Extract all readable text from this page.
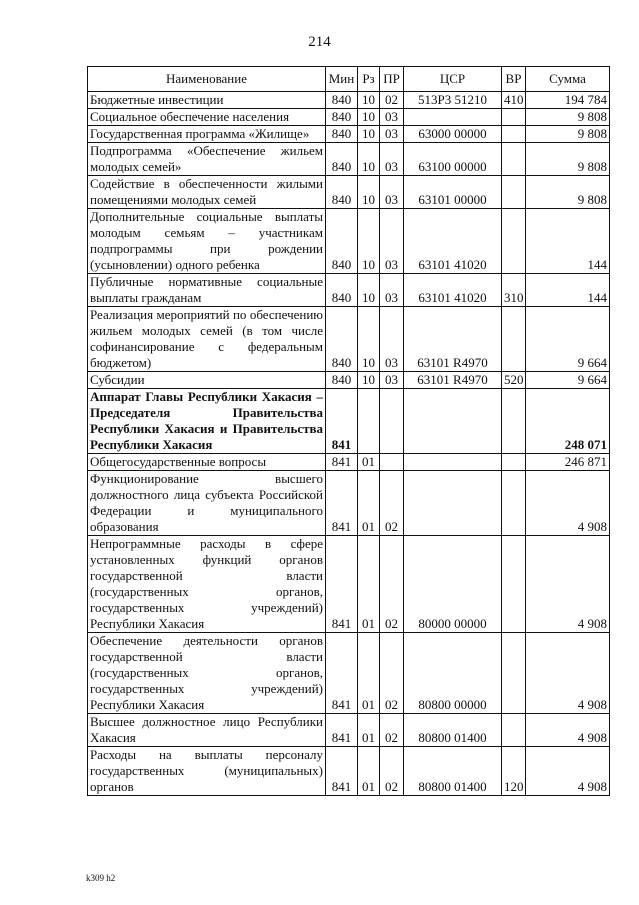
214
Наименование	Мин	Рз	ПР	ЦСР	ВР	Сумма
Бюджетные инвестиции	840	10	02	513Р3 51210	410	194 784
Социальное обеспечение населения	840	10	03			9 808
Государственная программа «Жилище»	840	10	03	63000 00000		9 808
Подпрограмма «Обеспечение жильем молодых семей»	840	10	03	63100 00000		9 808
Содействие в обеспеченности жилыми помещениями молодых семей	840	10	03	63101 00000		9 808
Дополнительные социальные выплаты молодым семьям – участникам подпрограммы при рождении (усыновлении) одного ребенка	840	10	03	63101 41020		144
Публичные нормативные социальные выплаты гражданам	840	10	03	63101 41020	310	144
Реализация мероприятий по обеспечению жильем молодых семей (в том числе софинансирование с федеральным бюджетом)	840	10	03	63101 R4970		9 664
Субсидии	840	10	03	63101 R4970	520	9 664
Аппарат Главы Республики Хакасия – Председателя Правительства Республики Хакасия и Правительства Республики Хакасия	841					248 071
Общегосударственные вопросы	841	01				246 871
Функционирование высшего должностного лица субъекта Российской Федерации и муниципального образования	841	01	02			4 908
Непрограммные расходы в сфере установленных функций органов государственной власти (государственных органов, государственных учреждений) Республики Хакасия	841	01	02	80000 00000		4 908
Обеспечение деятельности органов государственной власти (государственных органов, государственных учреждений) Республики Хакасия	841	01	02	80800 00000		4 908
Высшее должностное лицо Республики Хакасия	841	01	02	80800 01400		4 908
Расходы на выплаты персоналу государственных (муниципальных) органов	841	01	02	80800 01400	120	4 908
k309 h2
